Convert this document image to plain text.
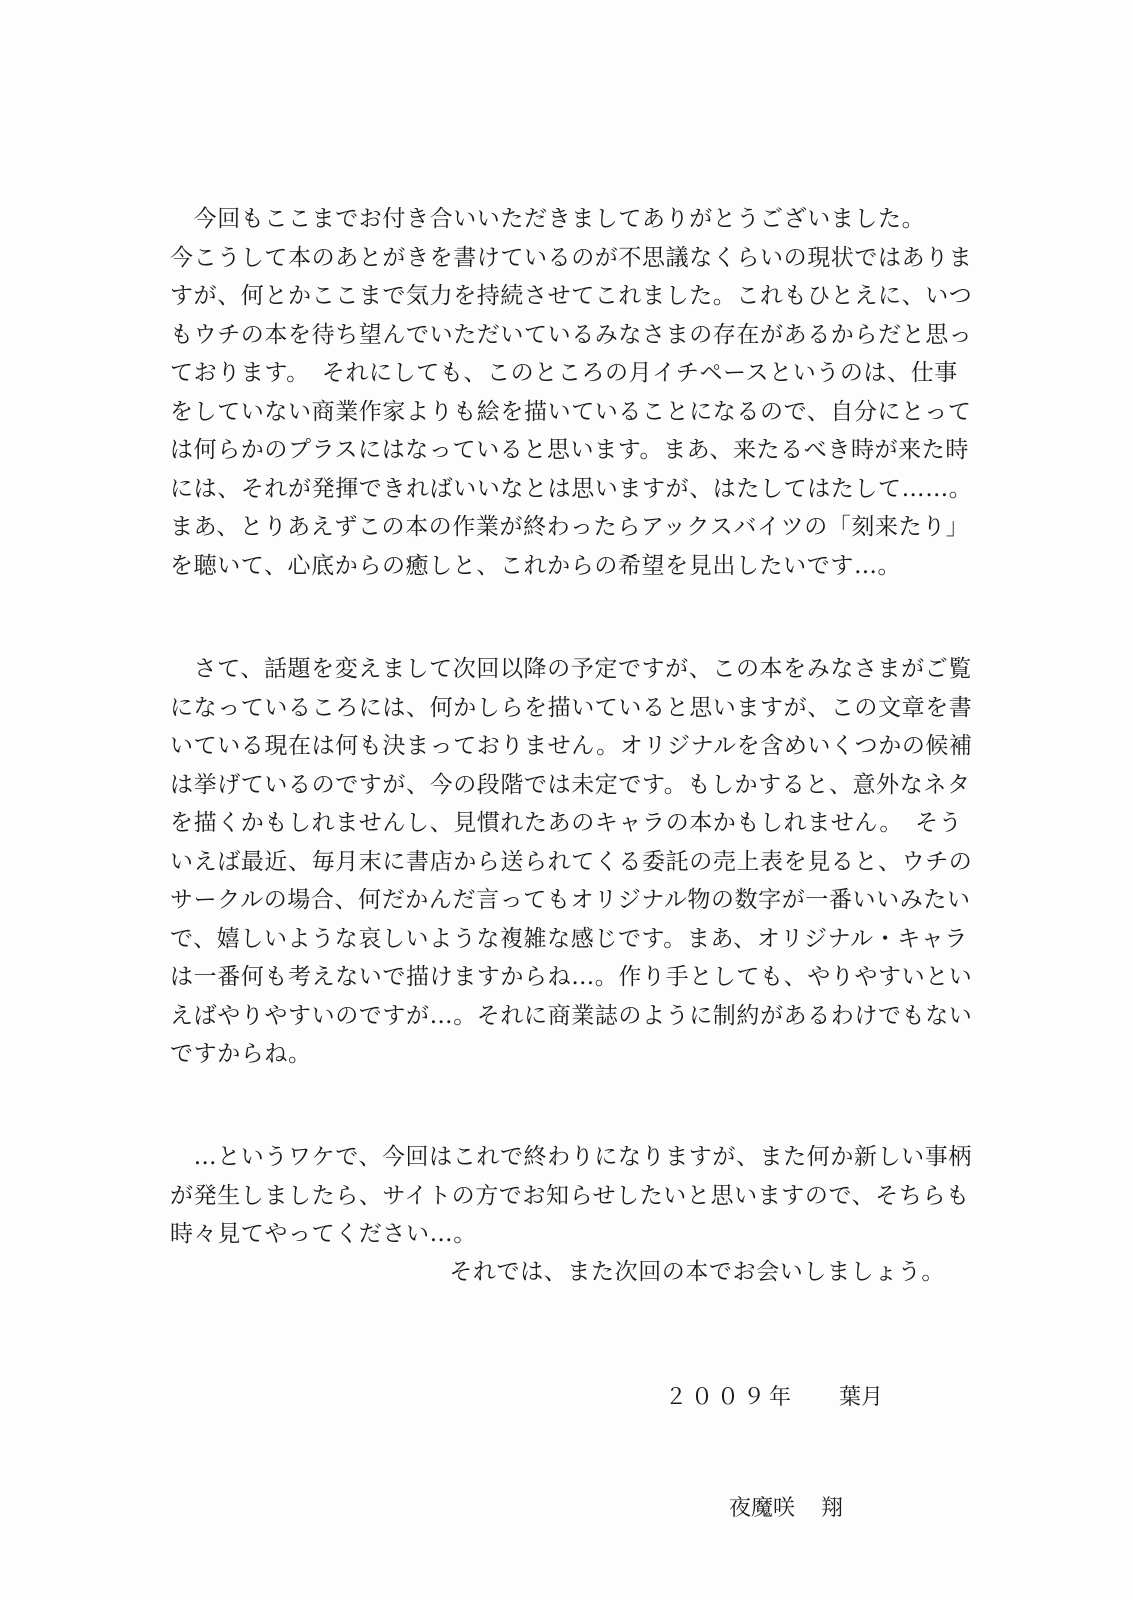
　今回もここまでお付き合いいただきましてありがとうございました。
今こうして本のあとがきを書けているのが不思議なくらいの現状ではありま
すが、何とかここまで気力を持続させてこれました。これもひとえに、いつ
もウチの本を待ち望んでいただいているみなさまの存在があるからだと思っ
ております。　それにしても、このところの月イチペースというのは、仕事
をしていない商業作家よりも絵を描いていることになるので、自分にとって
は何らかのプラスにはなっていると思います。まあ、来たるべき時が来た時
には、それが発揮できればいいなとは思いますが、はたしてはたして……。
まあ、とりあえずこの本の作業が終わったらアックスバイツの「刻来たり」
を聴いて、心底からの癒しと、これからの希望を見出したいです…。
　さて、話題を変えまして次回以降の予定ですが、この本をみなさまがご覧
になっているころには、何かしらを描いていると思いますが、この文章を書
いている現在は何も決まっておりません。オリジナルを含めいくつかの候補
は挙げているのですが、今の段階では未定です。もしかすると、意外なネタ
を描くかもしれませんし、見慣れたあのキャラの本かもしれません。　そう
いえば最近、毎月末に書店から送られてくる委託の売上表を見ると、ウチの
サークルの場合、何だかんだ言ってもオリジナル物の数字が一番いいみたい
で、嬉しいような哀しいような複雑な感じです。まあ、オリジナル・キャラ
は一番何も考えないで描けますからね…。作り手としても、やりやすいとい
えばやりやすいのですが…。それに商業誌のように制約があるわけでもない
ですからね。
　…というワケで、今回はこれで終わりになりますが、また何か新しい事柄
が発生しましたら、サイトの方でお知らせしたいと思いますので、そちらも
時々見てやってください…。
それでは、また次回の本でお会いしましょう。
２００９年 葉月
夜魔咲 翔
